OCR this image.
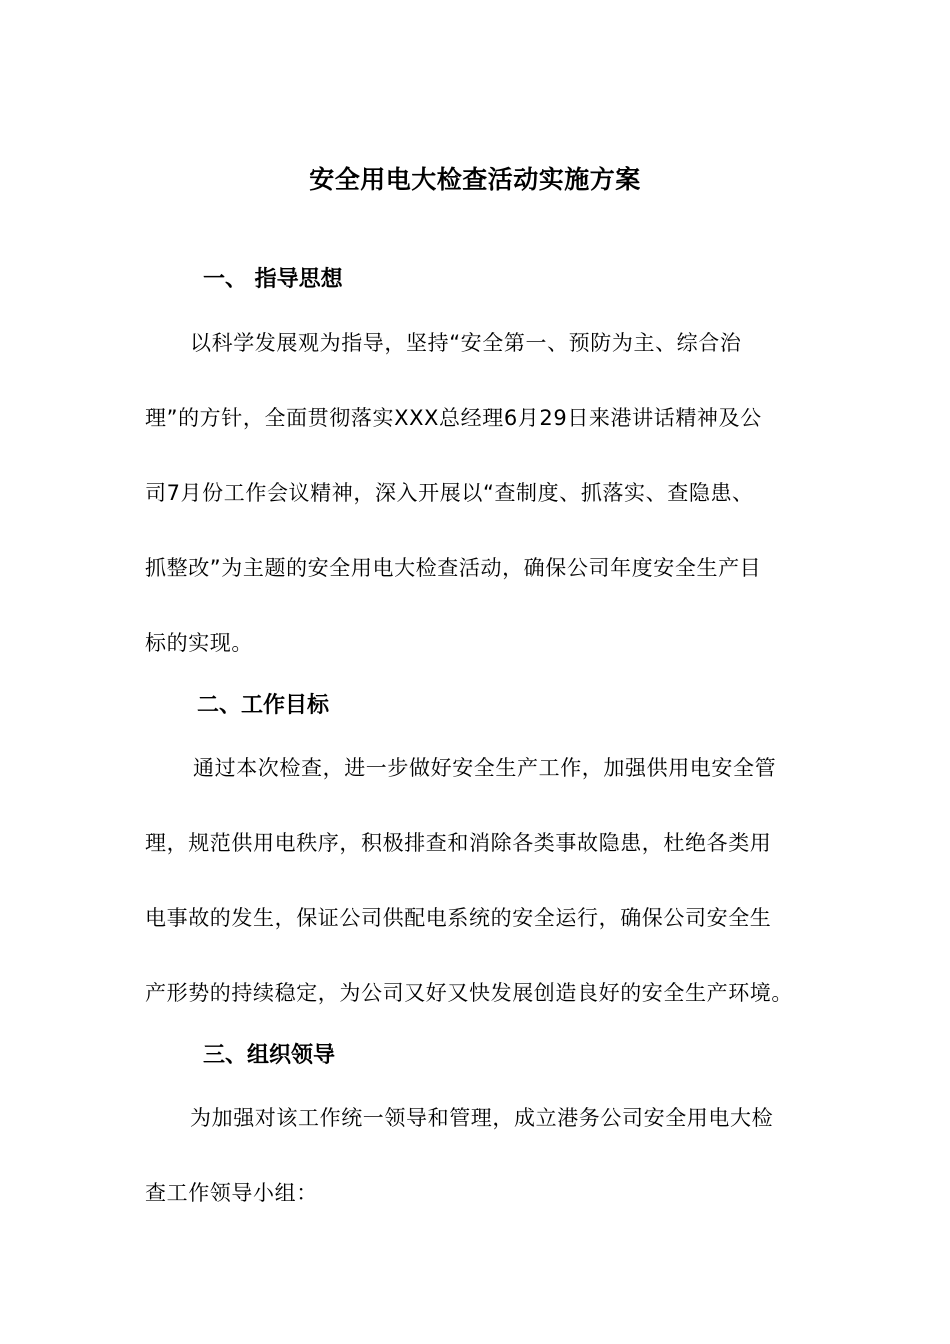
安全用电大检查活动实施方案
一、 指导思想
以科学发展观为指导，坚持“安全第一、预防为主、综合治
理”的方针，全面贯彻落实XXX总经理6月29日来港讲话精神及公
司7月份工作会议精神，深入开展以“查制度、抓落实、查隐患、
抓整改”为主题的安全用电大检查活动，确保公司年度安全生产目
标的实现。
二、工作目标
通过本次检查，进一步做好安全生产工作，加强供用电安全管
理，规范供用电秩序，积极排查和消除各类事故隐患，杜绝各类用
电事故的发生，保证公司供配电系统的安全运行，确保公司安全生
产形势的持续稳定，为公司又好又快发展创造良好的安全生产环境。
三、组织领导
为加强对该工作统一领导和管理，成立港务公司安全用电大检
查工作领导小组：
